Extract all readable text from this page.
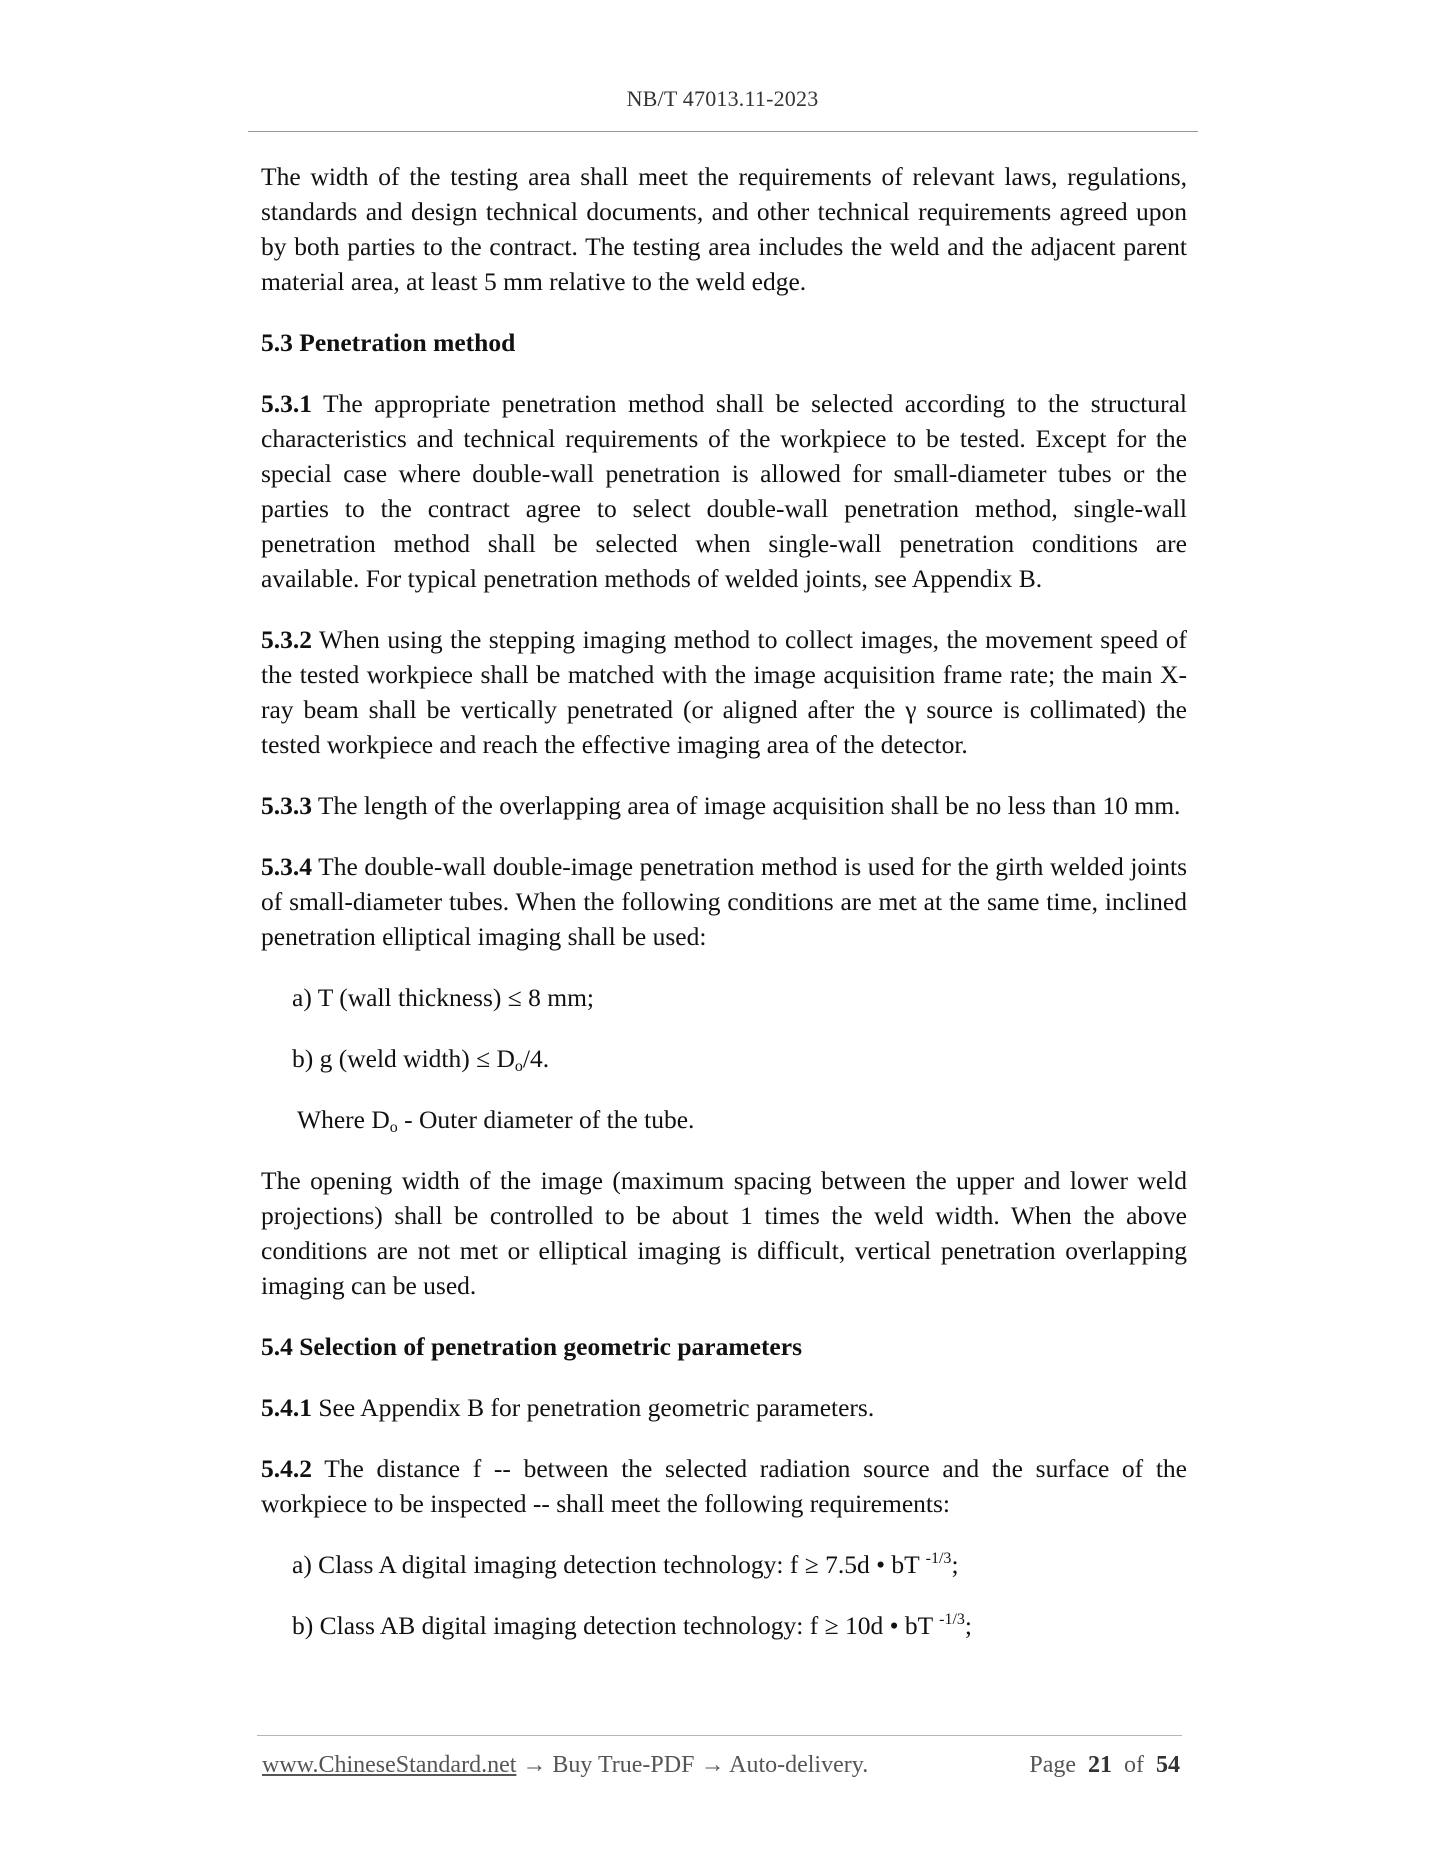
NB/T 47013.11-2023

The width of the testing area shall meet the requirements of relevant laws, regulations, standards and design technical documents, and other technical requirements agreed upon by both parties to the contract. The testing area includes the weld and the adjacent parent material area, at least 5 mm relative to the weld edge.

5.3 Penetration method

5.3.1 The appropriate penetration method shall be selected according to the structural characteristics and technical requirements of the workpiece to be tested. Except for the special case where double-wall penetration is allowed for small-diameter tubes or the parties to the contract agree to select double-wall penetration method, single-wall penetration method shall be selected when single-wall penetration conditions are available. For typical penetration methods of welded joints, see Appendix B.

5.3.2 When using the stepping imaging method to collect images, the movement speed of the tested workpiece shall be matched with the image acquisition frame rate; the main X-ray beam shall be vertically penetrated (or aligned after the γ source is collimated) the tested workpiece and reach the effective imaging area of the detector.

5.3.3 The length of the overlapping area of image acquisition shall be no less than 10 mm.

5.3.4 The double-wall double-image penetration method is used for the girth welded joints of small-diameter tubes. When the following conditions are met at the same time, inclined penetration elliptical imaging shall be used:

a) T (wall thickness) ≤ 8 mm;

b) g (weld width) ≤ $D_o/4$.

Where $D_o$ - Outer diameter of the tube.

The opening width of the image (maximum spacing between the upper and lower weld projections) shall be controlled to be about 1 times the weld width. When the above conditions are not met or elliptical imaging is difficult, vertical penetration overlapping imaging can be used.

5.4 Selection of penetration geometric parameters

5.4.1 See Appendix B for penetration geometric parameters.

5.4.2 The distance f -- between the selected radiation source and the surface of the workpiece to be inspected -- shall meet the following requirements:

a) Class A digital imaging detection technology: f ≥ 7.5d • bT $^{-1/3}$;

b) Class AB digital imaging detection technology: f ≥ 10d • bT $^{-1/3}$;

www.ChineseStandard.net → Buy True-PDF → Auto-delivery.	Page 21 of 54
